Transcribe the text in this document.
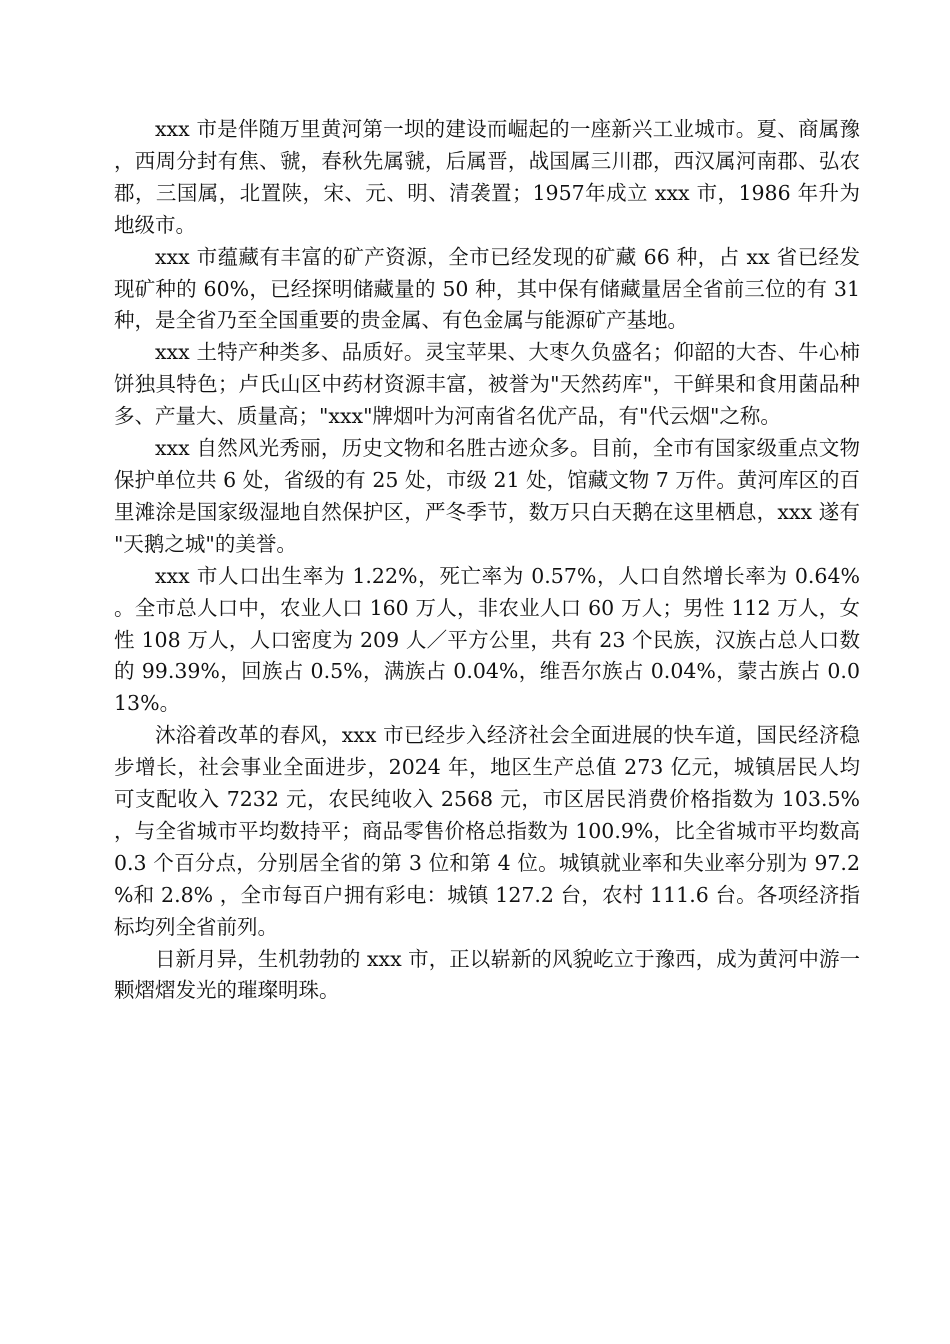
xxx 市是伴随万里黄河第一坝的建设而崛起的一座新兴工业城市。夏、商属豫，西周分封有焦、虢，春秋先属虢，后属晋，战国属三川郡，西汉属河南郡、弘农郡，三国属，北置陕，宋、元、明、清袭置；1957年成立 xxx 市，1986 年升为地级市。

xxx 市蕴藏有丰富的矿产资源，全市已经发现的矿藏 66 种，占 xx 省已经发现矿种的 60%，已经探明储藏量的 50 种，其中保有储藏量居全省前三位的有 31 种，是全省乃至全国重要的贵金属、有色金属与能源矿产基地。

xxx 土特产种类多、品质好。灵宝苹果、大枣久负盛名；仰韶的大杏、牛心柿饼独具特色；卢氏山区中药材资源丰富，被誉为"天然药库"，干鲜果和食用菌品种多、产量大、质量高；"xxx"牌烟叶为河南省名优产品，有"代云烟"之称。

xxx 自然风光秀丽，历史文物和名胜古迹众多。目前，全市有国家级重点文物保护单位共 6 处，省级的有 25 处，市级 21 处，馆藏文物 7 万件。黄河库区的百里滩涂是国家级湿地自然保护区，严冬季节，数万只白天鹅在这里栖息，xxx 遂有"天鹅之城"的美誉。

xxx 市人口出生率为 1.22%，死亡率为 0.57%，人口自然增长率为 0.64%。全市总人口中，农业人口 160 万人，非农业人口 60 万人；男性 112 万人，女性 108 万人，人口密度为 209 人／平方公里，共有 23 个民族，汉族占总人口数的 99.39%，回族占 0.5%，满族占 0.04%，维吾尔族占 0.04%，蒙古族占 0.013%。

沐浴着改革的春风，xxx 市已经步入经济社会全面进展的快车道，国民经济稳步增长，社会事业全面进步，2024 年，地区生产总值 273 亿元，城镇居民人均可支配收入 7232 元，农民纯收入 2568 元，市区居民消费价格指数为 103.5%，与全省城市平均数持平；商品零售价格总指数为 100.9%，比全省城市平均数高 0.3 个百分点，分别居全省的第 3 位和第 4 位。城镇就业率和失业率分别为 97.2%和 2.8% ，全市每百户拥有彩电：城镇 127.2 台，农村 111.6 台。各项经济指标均列全省前列。

日新月异，生机勃勃的 xxx 市，正以崭新的风貌屹立于豫西，成为黄河中游一颗熠熠发光的璀璨明珠。
